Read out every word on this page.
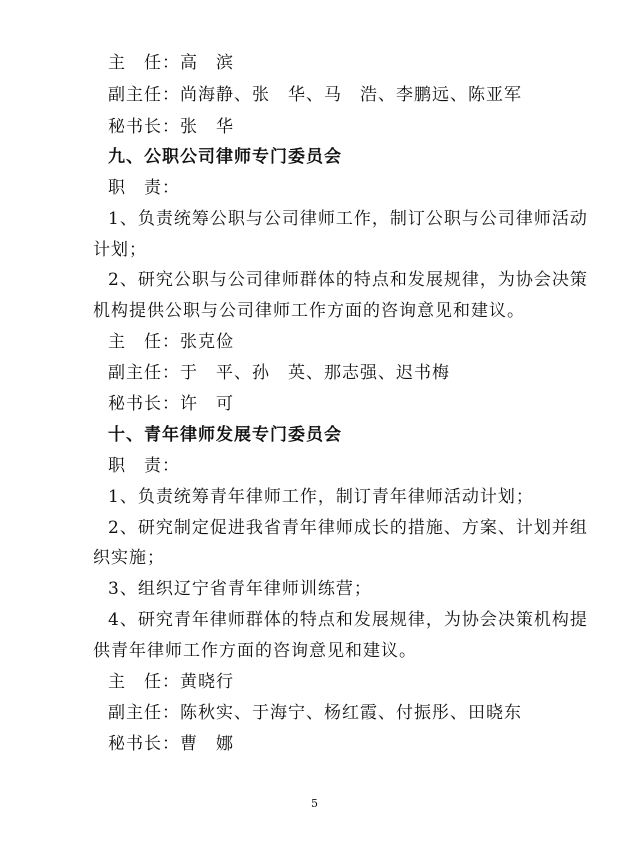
主　任：高　滨
副主任：尚海静、张　华、马　浩、李鹏远、陈亚军
秘书长：张　华
九、公职公司律师专门委员会
职　责：
1、负责统筹公职与公司律师工作，制订公职与公司律师活动
计划；
2、研究公职与公司律师群体的特点和发展规律，为协会决策
机构提供公职与公司律师工作方面的咨询意见和建议。
主　任：张克俭
副主任：于　平、孙　英、那志强、迟书梅
秘书长：许　可
十、青年律师发展专门委员会
职　责：
1、负责统筹青年律师工作，制订青年律师活动计划；
2、研究制定促进我省青年律师成长的措施、方案、计划并组
织实施；
3、组织辽宁省青年律师训练营；
4、研究青年律师群体的特点和发展规律，为协会决策机构提
供青年律师工作方面的咨询意见和建议。
主　任：黄晓行
副主任：陈秋实、于海宁、杨红霞、付振彤、田晓东
秘书长：曹　娜
5
